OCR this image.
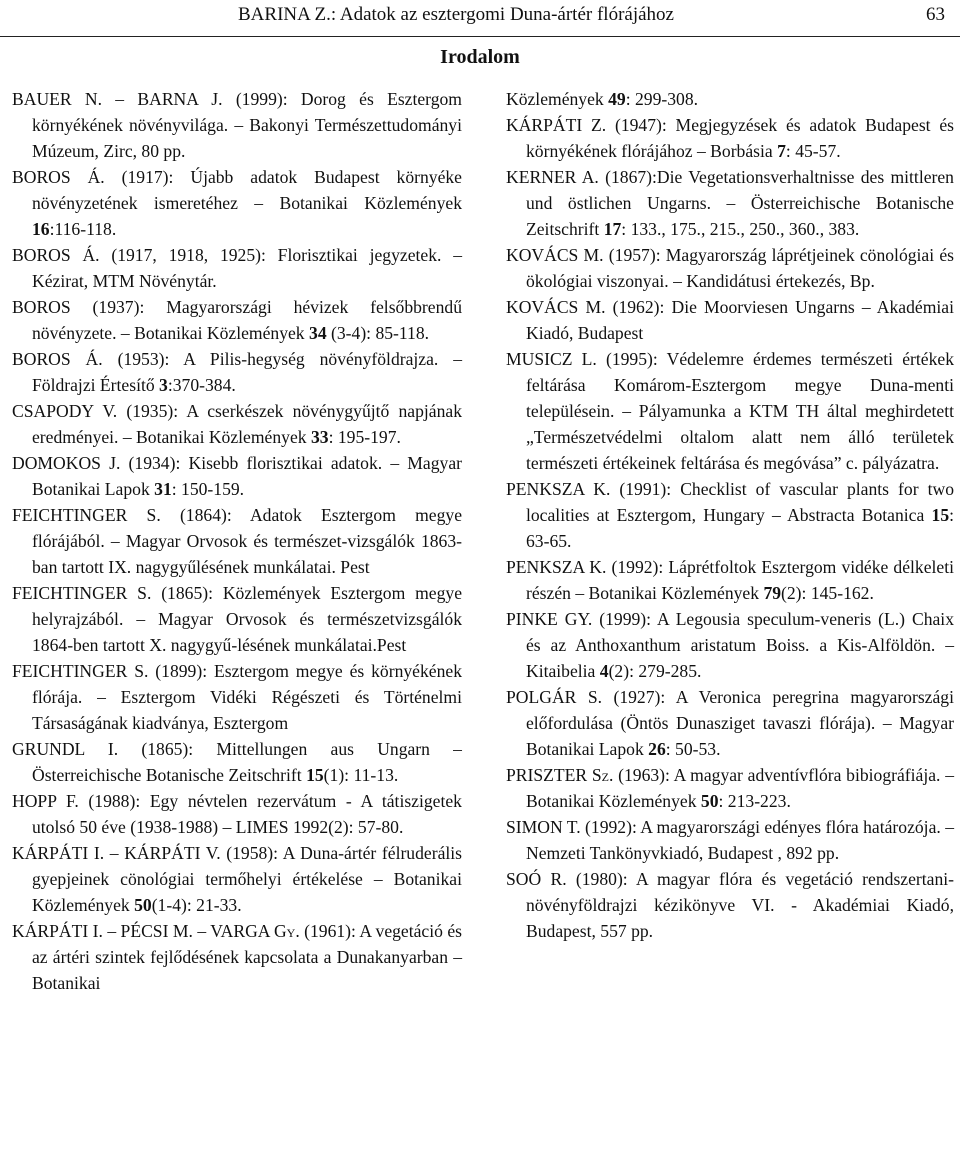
BARINA Z.: Adatok az esztergomi Duna-ártér flórájához	63
Irodalom

BAUER N. – BARNA J. (1999): Dorog és Esztergom környékének növényvilága. – Bakonyi Természettudományi Múzeum, Zirc, 80 pp.

BOROS Á. (1917): Újabb adatok Budapest környéke növényzetének ismeretéhez – Botanikai Közlemények 16:116-118.

BOROS Á. (1917, 1918, 1925): Florisztikai jegyzetek. – Kézirat, MTM Növénytár.

BOROS (1937): Magyarországi hévizek felsőbbrendű növényzete. – Botanikai Közlemények 34 (3-4): 85-118.

BOROS Á. (1953): A Pilis-hegység növényföldrajza. – Földrajzi Értesítő 3:370-384.

CSAPODY V. (1935): A cserkészek növénygyűjtő napjának eredményei. – Botanikai Közlemények 33: 195-197.

DOMOKOS J. (1934): Kisebb florisztikai adatok. – Magyar Botanikai Lapok 31: 150-159.

FEICHTINGER S. (1864): Adatok Esztergom megye flórájából. – Magyar Orvosok és természet-vizsgálók 1863-ban tartott IX. nagygyűlésének munkálatai. Pest

FEICHTINGER S. (1865): Közlemények Esztergom megye helyrajzából. – Magyar Orvosok és természetvizsgálók 1864-ben tartott X. nagygyű-lésének munkálatai.Pest

FEICHTINGER S. (1899): Esztergom megye és környékének flórája. – Esztergom Vidéki Régészeti és Történelmi Társaságának kiadványa, Esztergom

GRUNDL I. (1865): Mittellungen aus Ungarn – Österreichische Botanische Zeitschrift 15(1): 11-13.

HOPP F. (1988): Egy névtelen rezervátum - A tátiszigetek utolsó 50 éve (1938-1988) – LIMES 1992(2): 57-80.

KÁRPÁTI I. – KÁRPÁTI V. (1958): A Duna-ártér félruderális gyepjeinek cönológiai termőhelyi értékelése – Botanikai Közlemények 50(1-4): 21-33.

KÁRPÁTI I. – PÉCSI M. – VARGA Gy. (1961): A vegetáció és az ártéri szintek fejlődésének kapcsolata a Dunakanyarban – Botanikai

Közlemények 49: 299-308.

KÁRPÁTI Z. (1947): Megjegyzések és adatok Budapest és környékének flórájához – Borbásia 7: 45-57.

KERNER A. (1867):Die Vegetationsverhaltnisse des mittleren und östlichen Ungarns. – Österreichische Botanische Zeitschrift 17: 133., 175., 215., 250., 360., 383.

KOVÁCS M. (1957): Magyarország láprétjeinek cönológiai és ökológiai viszonyai. – Kandidátusi értekezés, Bp.

KOVÁCS M. (1962): Die Moorviesen Ungarns – Akadémiai Kiadó, Budapest

MUSICZ L. (1995): Védelemre érdemes természeti értékek feltárása Komárom-Esztergom megye Duna-menti településein. – Pályamunka a KTM TH által meghirdetett „Természetvédelmi oltalom alatt nem álló területek természeti értékeinek feltárása és megóvása” c. pályázatra.

PENKSZA K. (1991): Checklist of vascular plants for two localities at Esztergom, Hungary – Abstracta Botanica 15: 63-65.

PENKSZA K. (1992): Láprétfoltok Esztergom vidéke délkeleti részén – Botanikai Közlemények 79(2): 145-162.

PINKE GY. (1999): A Legousia speculum-veneris (L.) Chaix és az Anthoxanthum aristatum Boiss. a Kis-Alföldön. – Kitaibelia 4(2): 279-285.

POLGÁR S. (1927): A Veronica peregrina magyarországi előfordulása (Öntös Dunasziget tavaszi flórája). – Magyar Botanikai Lapok 26: 50-53.

PRISZTER Sz. (1963): A magyar adventívflóra bibiográfiája. – Botanikai Közlemények 50: 213-223.

SIMON T. (1992): A magyarországi edényes flóra határozója. – Nemzeti Tankönyvkiadó, Budapest , 892 pp.

SOÓ R. (1980): A magyar flóra és vegetáció rendszertani-növényföldrajzi kézikönyve VI. - Akadémiai Kiadó, Budapest, 557 pp.
